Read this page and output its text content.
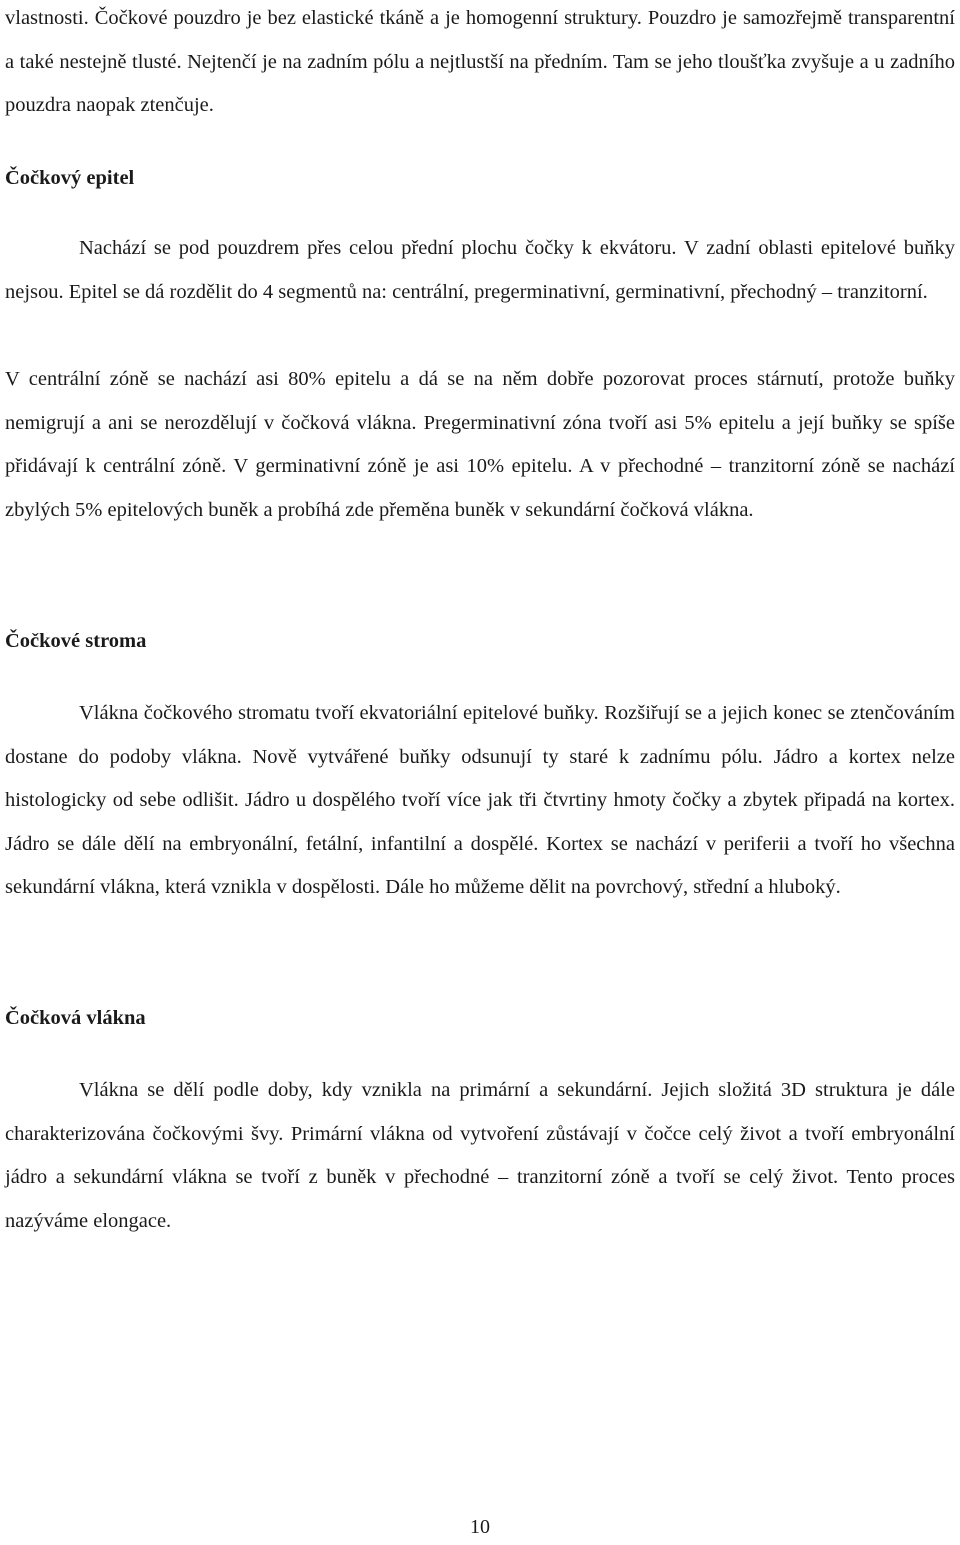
vlastnosti. Čočkové pouzdro je bez elastické tkáně a je homogenní struktury. Pouzdro je samozřejmě transparentní a také nestejně tlusté. Nejtenčí je na zadním pólu a nejtlustší na předním. Tam se jeho tloušťka zvyšuje a u zadního pouzdra naopak ztenčuje.

Čočkový epitel

Nachází se pod pouzdrem přes celou přední plochu čočky k ekvátoru. V zadní oblasti epitelové buňky nejsou. Epitel se dá rozdělit do 4 segmentů na: centrální, pregerminativní, germinativní, přechodný – tranzitorní.

V centrální zóně se nachází asi 80% epitelu a dá se na něm dobře pozorovat proces stárnutí, protože buňky nemigrují a ani se nerozdělují v čočková vlákna. Pregerminativní zóna tvoří asi 5% epitelu a její buňky se spíše přidávají k centrální zóně. V germinativní zóně je asi 10% epitelu. A v přechodné – tranzitorní zóně se nachází zbylých 5% epitelových buněk a probíhá zde přeměna buněk v sekundární čočková vlákna.

Čočkové stroma

Vlákna čočkového stromatu tvoří ekvatoriální epitelové buňky. Rozšiřují se a jejich konec se ztenčováním dostane do podoby vlákna. Nově vytvářené buňky odsunují ty staré k zadnímu pólu. Jádro a kortex nelze histologicky od sebe odlišit. Jádro u dospělého tvoří více jak tři čtvrtiny hmoty čočky a zbytek připadá na kortex. Jádro se dále dělí na embryonální, fetální, infantilní a dospělé. Kortex se nachází v periferii a tvoří ho všechna sekundární vlákna, která vznikla v dospělosti. Dále ho můžeme dělit na povrchový, střední a hluboký.

Čočková vlákna

Vlákna se dělí podle doby, kdy vznikla na primární a sekundární. Jejich složitá 3D struktura je dále charakterizována čočkovými švy. Primární vlákna od vytvoření zůstávají v čočce celý život a tvoří embryonální jádro a sekundární vlákna se tvoří z buněk v přechodné – tranzitorní zóně a tvoří se celý život. Tento proces nazýváme elongace.

10
